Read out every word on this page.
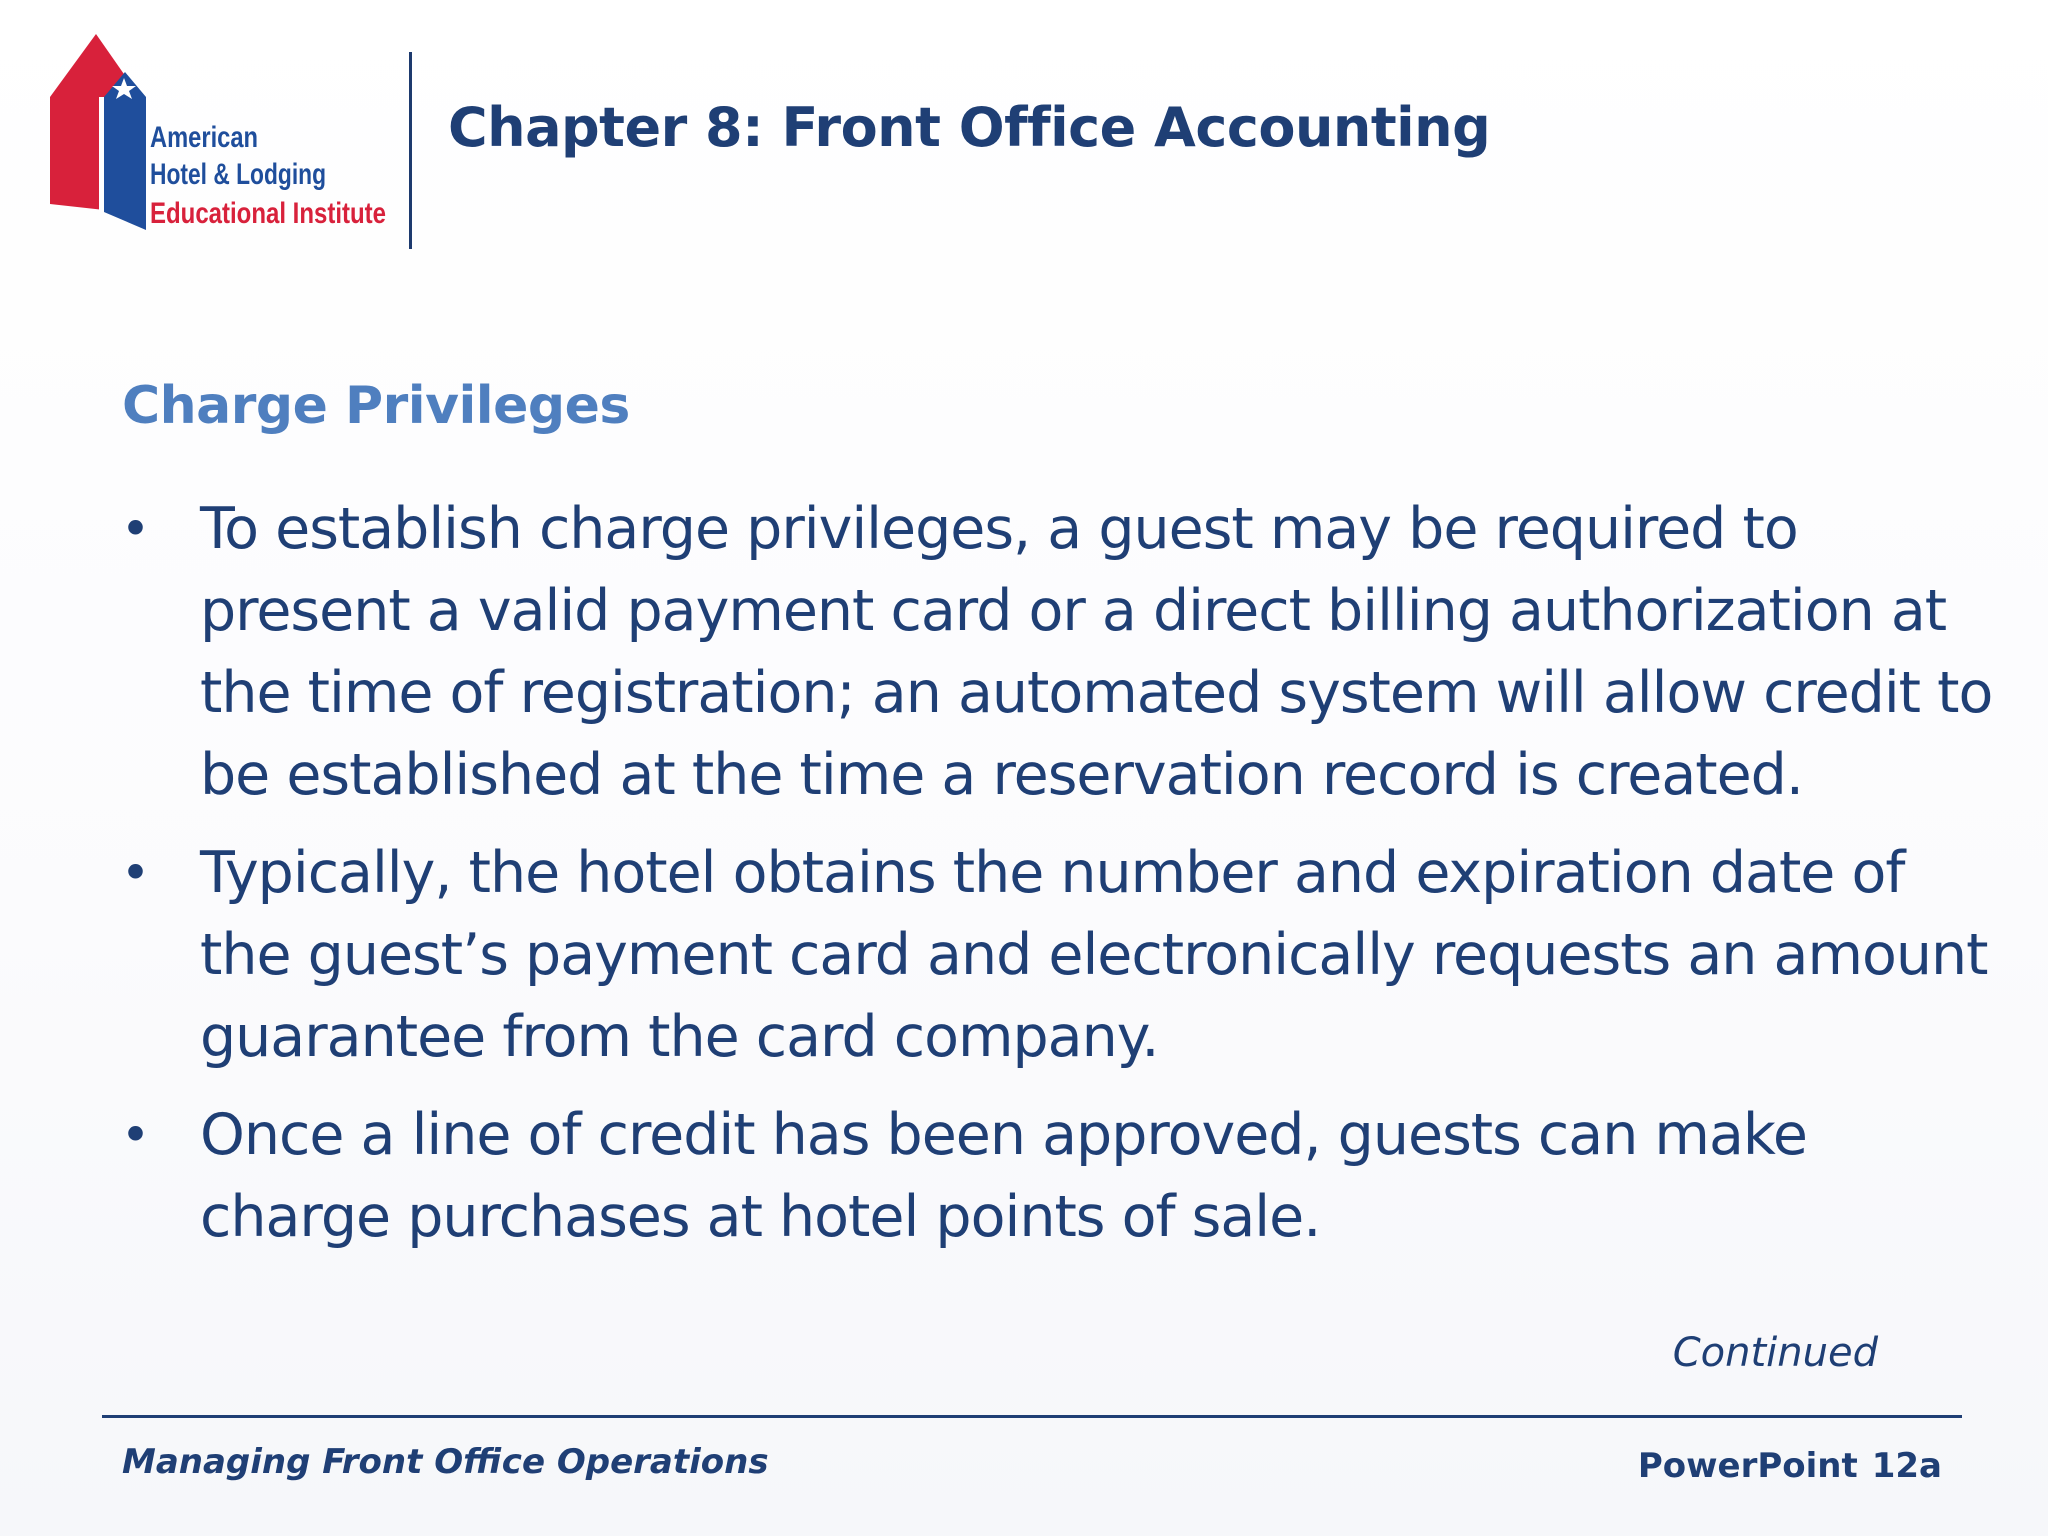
American
Hotel & Lodging
Educational Institute
Chapter 8: Front Office Accounting
Charge Privileges
• To establish charge privileges, a guest may be required to present a valid payment card or a direct billing authorization at the time of registration; an automated system will allow credit to be established at the time a reservation record is created.
• Typically, the hotel obtains the number and expiration date of the guest’s payment card and electronically requests an amount guarantee from the card company.
• Once a line of credit has been approved, guests can make charge purchases at hotel points of sale.
Continued
Managing Front Office Operations	PowerPoint 12a
